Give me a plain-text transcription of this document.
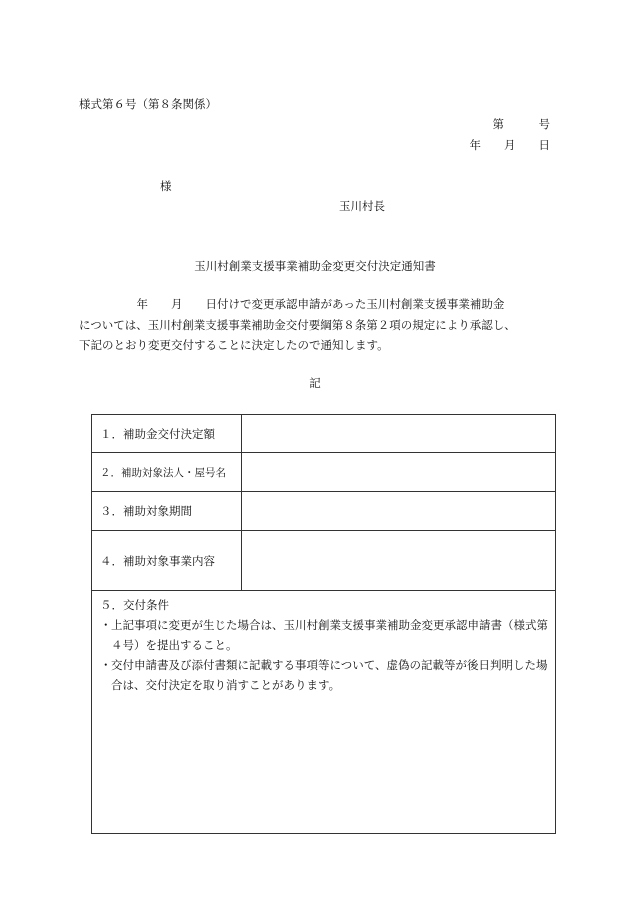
様式第６号（第８条関係）
第　　　号
年　　月　　日
様
玉川村長
玉川村創業支援事業補助金変更交付決定通知書
　　　　　年　　月　　日付けで変更承認申請があった玉川村創業支援事業補助金
については、玉川村創業支援事業補助金交付要綱第８条第２項の規定により承認し、
下記のとおり変更交付することに決定したので通知します。
記
１．補助金交付決定額
２．補助対象法人・屋号名
３．補助対象期間
４．補助対象事業内容
５．交付条件
・ 上記事項に変更が生じた場合は、玉川村創業支援事業補助金変更承認申請書（様式第４号）を提出すること。
・ 交付申請書及び添付書類に記載する事項等について、虚偽の記載等が後日判明した場合は、交付決定を取り消すことがあります。
